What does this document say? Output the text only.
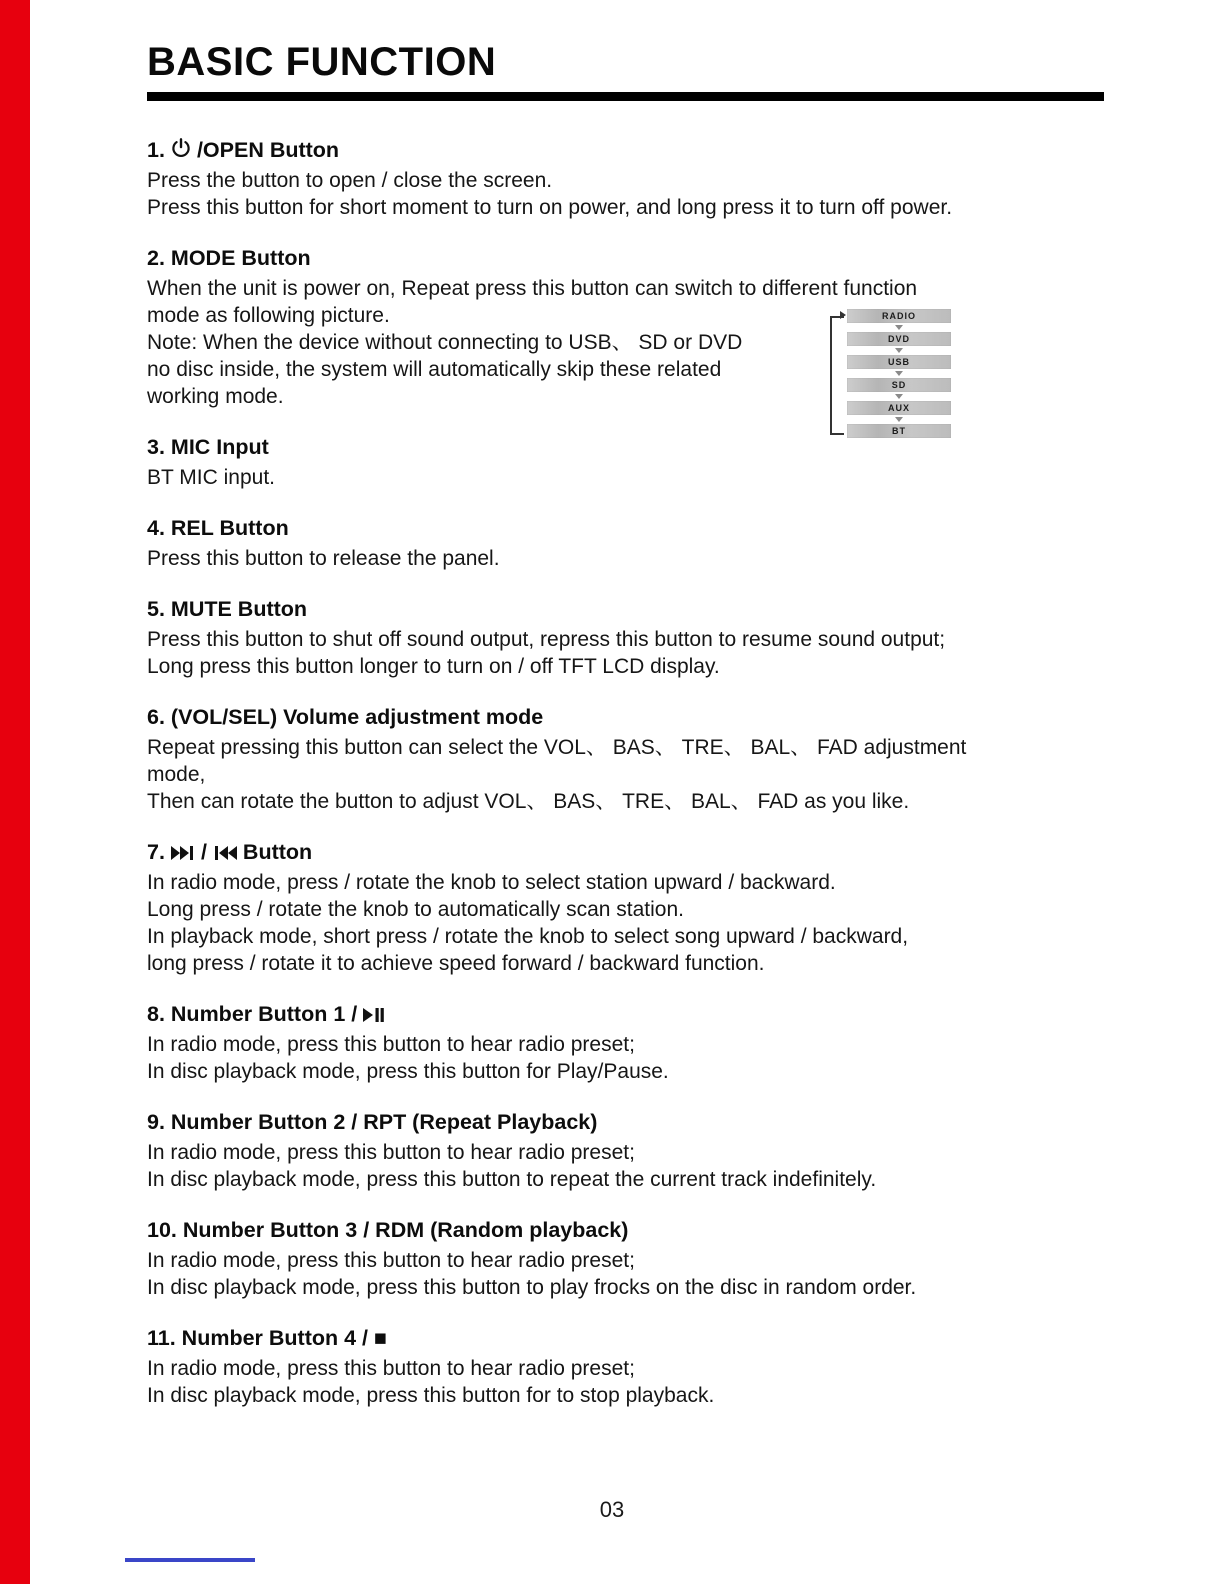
BASIC FUNCTION
1. /OPEN Button

Press the button to open / close the screen.

Press this button for short moment to turn on power, and long press it to turn off power.

2. MODE Button

When the unit is power on, Repeat press this button can switch to different function

mode as following picture.

Note: When the device without connecting to USB、 SD or DVD

no disc inside, the system will automatically skip these related

working mode.

RADIO
DVD
USB
SD
AUX
BT
3. MIC Input

BT MIC input.

4. REL Button

Press this button to release the panel.

5. MUTE Button

Press this button to shut off sound output, repress this button to resume sound output;

Long press this button longer to turn on / off TFT LCD display.

6. (VOL/SEL) Volume adjustment mode

Repeat pressing this button can select the VOL、 BAS、 TRE、 BAL、 FAD adjustment

mode,

Then can rotate the button to adjust VOL、 BAS、 TRE、 BAL、 FAD as you like.

7. / Button

In radio mode, press / rotate the knob to select station upward / backward.

Long press / rotate the knob to automatically scan station.

In playback mode, short press / rotate the knob to select song upward / backward,

long press / rotate it to achieve speed forward / backward function.

8. Number Button 1 /

In radio mode, press this button to hear radio preset;

In disc playback mode, press this button for Play/Pause.

9. Number Button 2 / RPT (Repeat Playback)

In radio mode, press this button to hear radio preset;

In disc playback mode, press this button to repeat the current track indefinitely.

10. Number Button 3 / RDM (Random playback)

In radio mode, press this button to hear radio preset;

In disc playback mode, press this button to play frocks on the disc in random order.

11. Number Button 4 / ■

In radio mode, press this button to hear radio preset;

In disc playback mode, press this button for to stop playback.

03
